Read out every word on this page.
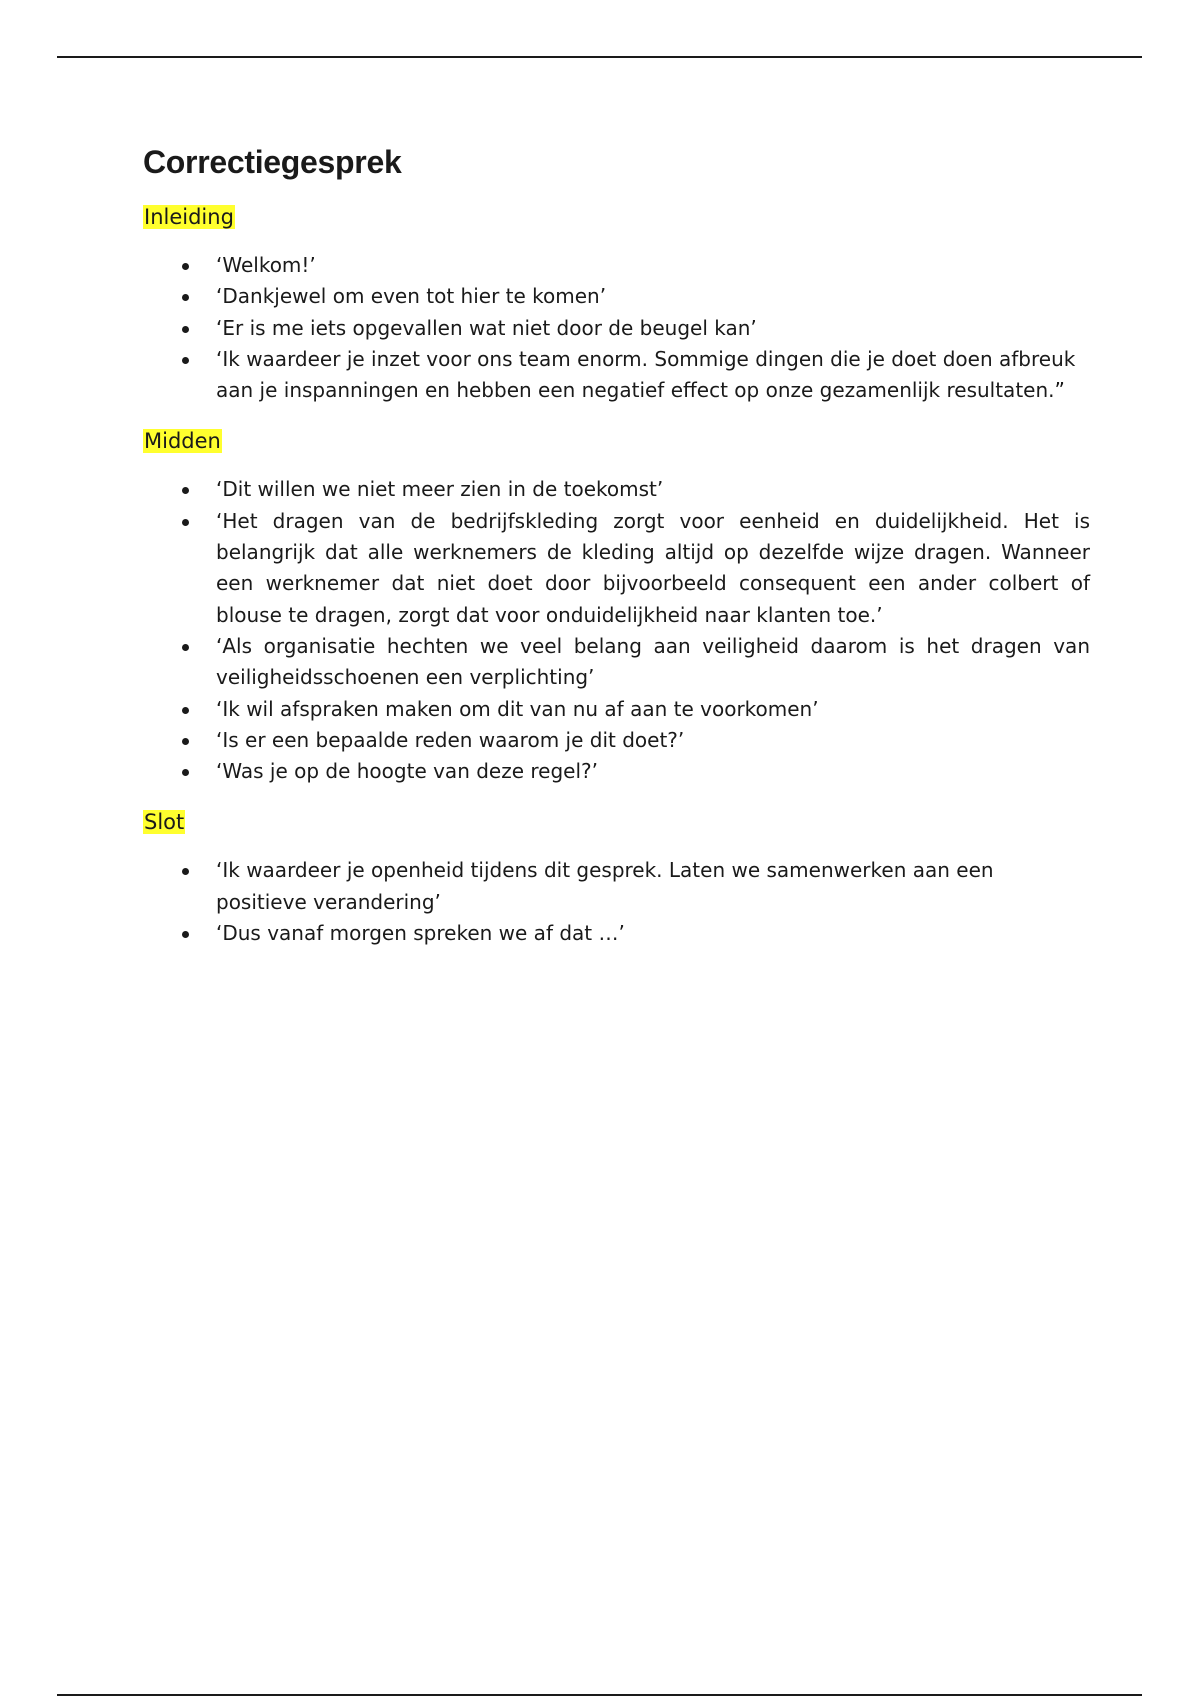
Correctiegesprek
Inleiding
‘Welkom!’
‘Dankjewel om even tot hier te komen’
‘Er is me iets opgevallen wat niet door de beugel kan’
‘Ik waardeer je inzet voor ons team enorm. Sommige dingen die je doet doen afbreuk aan je inspanningen en hebben een negatief effect op onze gezamenlijk resultaten.”
Midden
‘Dit willen we niet meer zien in de toekomst’
‘Het dragen van de bedrijfskleding zorgt voor eenheid en duidelijkheid. Het is belangrijk dat alle werknemers de kleding altijd op dezelfde wijze dragen. Wanneer een werknemer dat niet doet door bijvoorbeeld consequent een ander colbert of blouse te dragen, zorgt dat voor onduidelijkheid naar klanten toe.’
‘Als organisatie hechten we veel belang aan veiligheid daarom is het dragen van veiligheidsschoenen een verplichting’
‘Ik wil afspraken maken om dit van nu af aan te voorkomen’
‘Is er een bepaalde reden waarom je dit doet?’
‘Was je op de hoogte van deze regel?’
Slot
‘Ik waardeer je openheid tijdens dit gesprek. Laten we samenwerken aan een positieve verandering’
‘Dus vanaf morgen spreken we af dat …’
